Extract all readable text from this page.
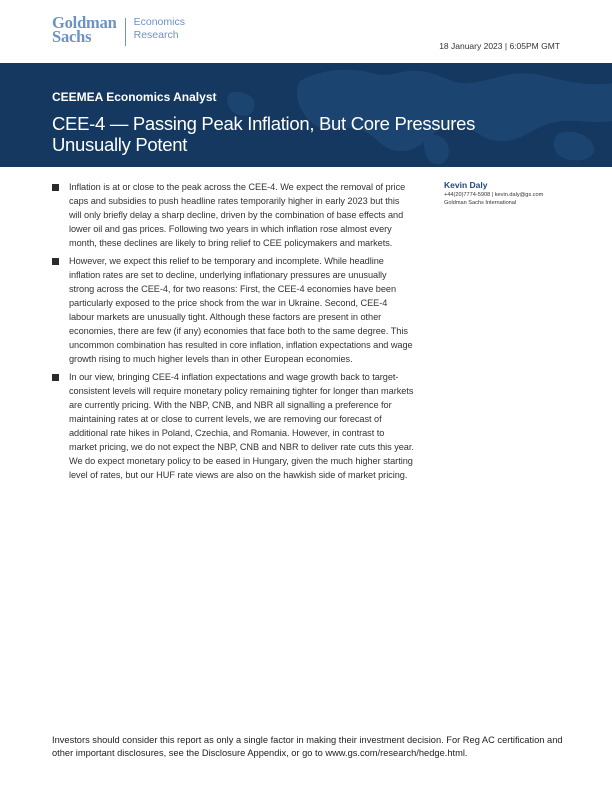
Goldman
Sachs
Economics
Research
18 January 2023 | 6:05PM GMT
CEEMEA Economics Analyst
CEE-4 — Passing Peak Inflation, But Core Pressures Unusually Potent

Inflation is at or close to the peak across the CEE-4. We expect the removal of price caps and subsidies to push headline rates temporarily higher in early 2023 but this will only briefly delay a sharp decline, driven by the combination of base effects and lower oil and gas prices. Following two years in which inflation rose almost every month, these declines are likely to bring relief to CEE policymakers and markets.

However, we expect this relief to be temporary and incomplete. While headline inflation rates are set to decline, underlying inflationary pressures are unusually strong across the CEE-4, for two reasons: First, the CEE-4 economies have been particularly exposed to the price shock from the war in Ukraine. Second, CEE-4 labour markets are unusually tight. Although these factors are present in other economies, there are few (if any) economies that face both to the same degree. This uncommon combination has resulted in core inflation, inflation expectations and wage growth rising to much higher levels than in other European economies.

In our view, bringing CEE-4 inflation expectations and wage growth back to target-consistent levels will require monetary policy remaining tighter for longer than markets are currently pricing. With the NBP, CNB, and NBR all signalling a preference for maintaining rates at or close to current levels, we are removing our forecast of additional rate hikes in Poland, Czechia, and Romania. However, in contrast to market pricing, we do not expect the NBP, CNB and NBR to deliver rate cuts this year. We do expect monetary policy to be eased in Hungary, given the much higher starting level of rates, but our HUF rate views are also on the hawkish side of market pricing.

Kevin Daly
+44(20)7774-5908 | kevin.daly@gs.com
Goldman Sachs International
Investors should consider this report as only a single factor in making their investment decision. For Reg AC certification and other important disclosures, see the Disclosure Appendix, or go to www.gs.com/research/hedge.html.
